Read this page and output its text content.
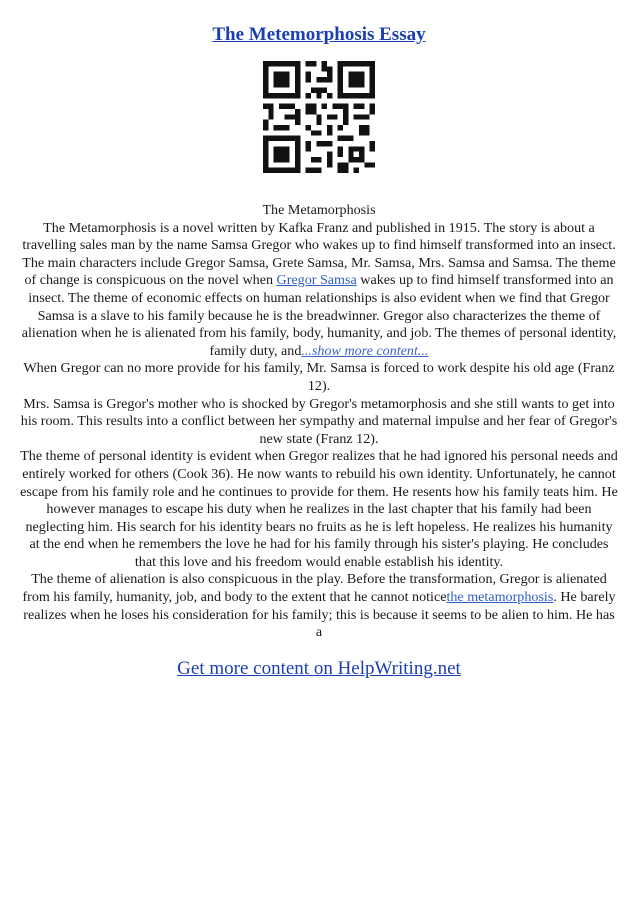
The Metemorphosis Essay

The Metamorphosis

The Metamorphosis is a novel written by Kafka Franz and published in 1915. The story is about a travelling sales man by the name Samsa Gregor who wakes up to find himself transformed into an insect. The main characters include Gregor Samsa, Grete Samsa, Mr. Samsa, Mrs. Samsa and Samsa. The theme of change is conspicuous on the novel when Gregor Samsa wakes up to find himself transformed into an insect. The theme of economic effects on human relationships is also evident when we find that Gregor Samsa is a slave to his family because he is the breadwinner. Gregor also characterizes the theme of alienation when he is alienated from his family, body, humanity, and job. The themes of personal identity, family duty, and...show more content...

When Gregor can no more provide for his family, Mr. Samsa is forced to work despite his old age (Franz 12).

Mrs. Samsa is Gregor's mother who is shocked by Gregor's metamorphosis and she still wants to get into his room. This results into a conflict between her sympathy and maternal impulse and her fear of Gregor's new state (Franz 12).

The theme of personal identity is evident when Gregor realizes that he had ignored his personal needs and entirely worked for others (Cook 36). He now wants to rebuild his own identity. Unfortunately, he cannot escape from his family role and he continues to provide for them. He resents how his family teats him. He however manages to escape his duty when he realizes in the last chapter that his family had been neglecting him. His search for his identity bears no fruits as he is left hopeless. He realizes his humanity at the end when he remembers the love he had for his family through his sister's playing. He concludes that this love and his freedom would enable establish his identity.

The theme of alienation is also conspicuous in the play. Before the transformation, Gregor is alienated from his family, humanity, job, and body to the extent that he cannot noticethe metamorphosis. He barely realizes when he loses his consideration for his family; this is because it seems to be alien to him. He has a

Get more content on HelpWriting.net
